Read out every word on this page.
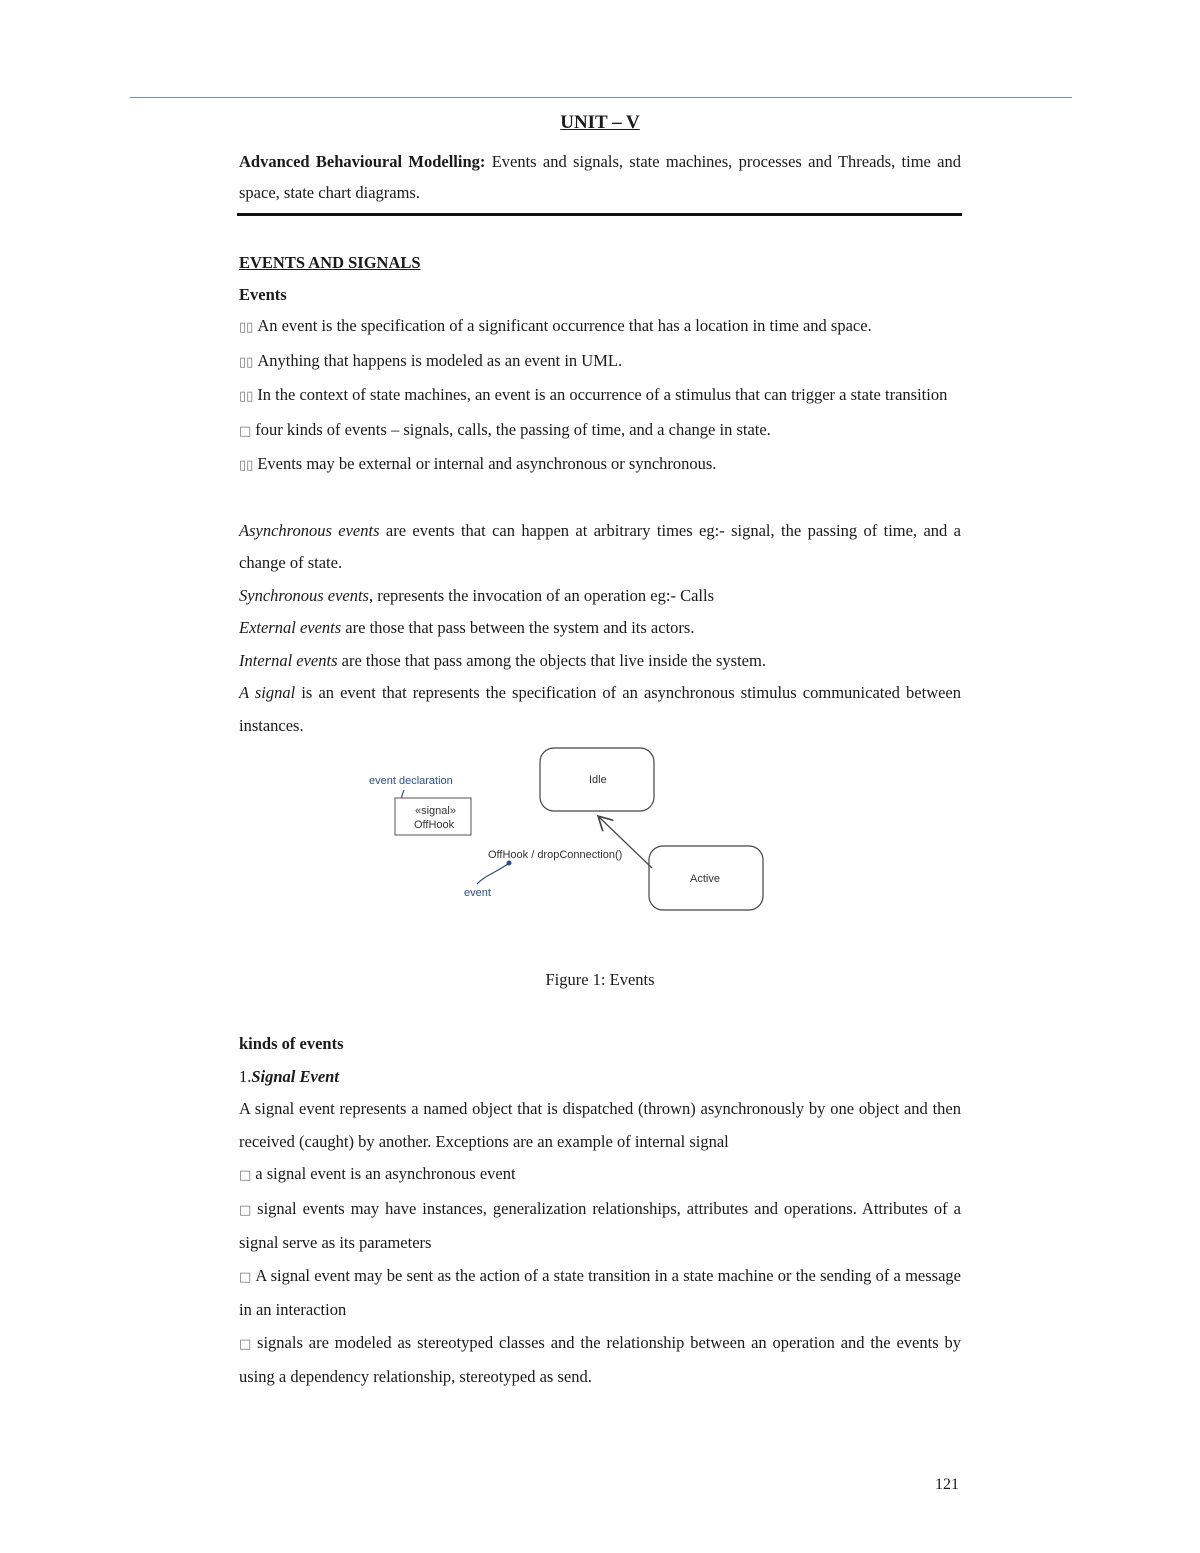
UNIT – V

Advanced Behavioural Modelling: Events and signals, state machines, processes and Threads, time and space, state chart diagrams.

EVENTS AND SIGNALS
Events

▯▯ An event is the specification of a significant occurrence that has a location in time and space.

▯▯ Anything that happens is modeled as an event in UML.

▯▯ In the context of state machines, an event is an occurrence of a stimulus that can trigger a state transition

□ four kinds of events – signals, calls, the passing of time, and a change in state.

▯▯ Events may be external or internal and asynchronous or synchronous.

Asynchronous events are events that can happen at arbitrary times eg:- signal, the passing of time, and a change of state.

Synchronous events, represents the invocation of an operation eg:- Calls

External events are those that pass between the system and its actors.

Internal events are those that pass among the objects that live inside the system.

A signal is an event that represents the specification of an asynchronous stimulus communicated between instances.

event declaration
«signal»
OffHook
Idle
Active
OffHook / dropConnection()
event
Figure 1: Events
kinds of events
1.Signal Event

A signal event represents a named object that is dispatched (thrown) asynchronously by one object and then received (caught) by another. Exceptions are an example of internal signal

□ a signal event is an asynchronous event

□ signal events may have instances, generalization relationships, attributes and operations. Attributes of a signal serve as its parameters

□ A signal event may be sent as the action of a state transition in a state machine or the sending of a message in an interaction

□ signals are modeled as stereotyped classes and the relationship between an operation and the events by using a dependency relationship, stereotyped as send.

121
